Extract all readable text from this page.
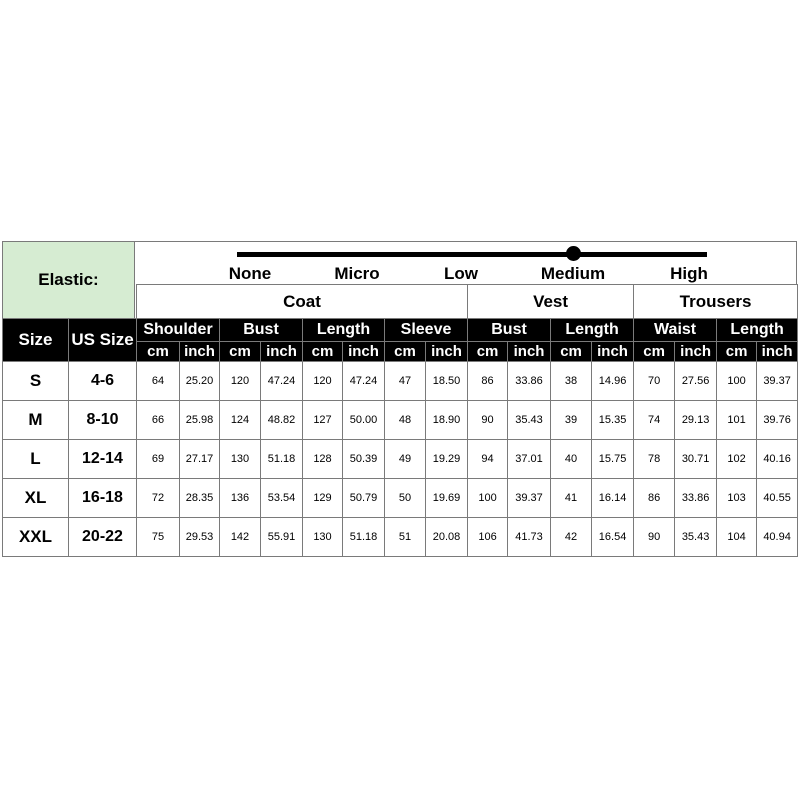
Elastic:	None	Micro	Low	Medium	High
		Coat								Vest				Trousers			
Size	US Size	Shoulder		Bust		Length		Sleeve		Bust		Length		Waist		Length	
		cm	inch	cm	inch	cm	inch	cm	inch	cm	inch	cm	inch	cm	inch	cm	inch
S	4-6	64	25.20	120	47.24	120	47.24	47	18.50	86	33.86	38	14.96	70	27.56	100	39.37
M	8-10	66	25.98	124	48.82	127	50.00	48	18.90	90	35.43	39	15.35	74	29.13	101	39.76
L	12-14	69	27.17	130	51.18	128	50.39	49	19.29	94	37.01	40	15.75	78	30.71	102	40.16
XL	16-18	72	28.35	136	53.54	129	50.79	50	19.69	100	39.37	41	16.14	86	33.86	103	40.55
XXL	20-22	75	29.53	142	55.91	130	51.18	51	20.08	106	41.73	42	16.54	90	35.43	104	40.94
